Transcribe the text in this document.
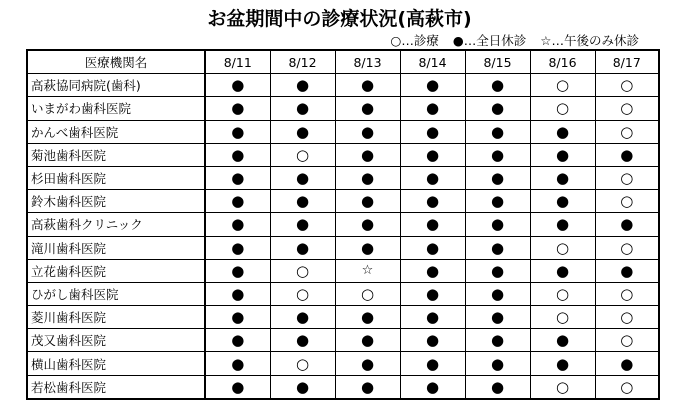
お盆期間中の診療状況(高萩市)
○ …診療 ● …全日休診 ☆ …午後のみ休診
医療機関名	8/11	8/12	8/13	8/14	8/15	8/16	8/17
高萩協同病院(歯科)	●	●	●	●	●	○	○
いまがわ歯科医院	●	●	●	●	●	○	○
かんべ歯科医院	●	●	●	●	●	●	○
菊池歯科医院	●	○	●	●	●	●	●
杉田歯科医院	●	●	●	●	●	●	○
鈴木歯科医院	●	●	●	●	●	●	○
高萩歯科クリニック	●	●	●	●	●	●	●
滝川歯科医院	●	●	●	●	●	○	○
立花歯科医院	●	○	☆	●	●	●	●
ひがし歯科医院	●	○	○	●	●	○	○
菱川歯科医院	●	●	●	●	●	○	○
茂又歯科医院	●	●	●	●	●	●	○
横山歯科医院	●	○	●	●	●	●	●
若松歯科医院	●	●	●	●	●	○	○
